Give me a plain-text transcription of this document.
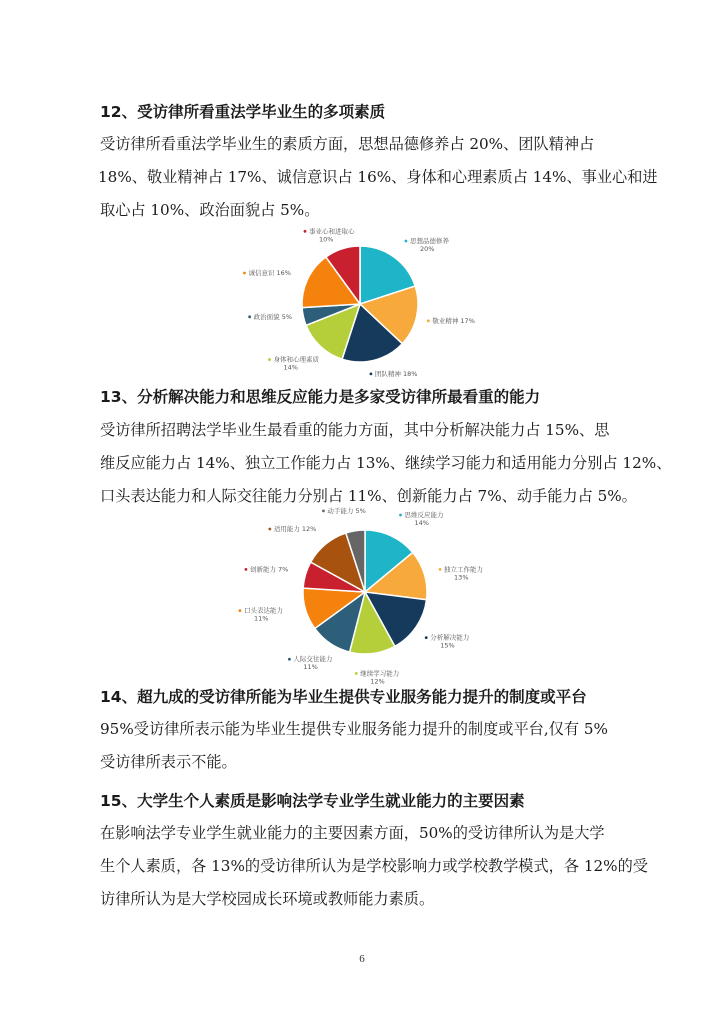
12、受访律所看重法学毕业生的多项素质
受访律所看重法学毕业生的素质方面，思想品德修养占 20%、团队精神占
18%、敬业精神占 17%、诚信意识占 16%、身体和心理素质占 14%、事业心和进
取心占 10%、政治面貌占 5%。
思想品德修养
20%
敬业精神 17%
团队精神 18%
身体和心理素质
14%
政治面貌 5%
诚信意识 16%
事业心和进取心
10%
13、分析解决能力和思维反应能力是多家受访律所最看重的能力
受访律所招聘法学毕业生最看重的能力方面，其中分析解决能力占 15%、思
维反应能力占 14%、独立工作能力占 13%、继续学习能力和适用能力分别占 12%、
口头表达能力和人际交往能力分别占 11%、创新能力占 7%、动手能力占 5%。
思维反应能力
14%
独立工作能力
13%
分析解决能力
15%
继续学习能力
12%
人际交往能力
11%
口头表达能力
11%
创新能力 7%
适用能力 12%
动手能力 5%
14、超九成的受访律所能为毕业生提供专业服务能力提升的制度或平台
95%受访律所表示能为毕业生提供专业服务能力提升的制度或平台,仅有 5%
受访律所表示不能。
15、大学生个人素质是影响法学专业学生就业能力的主要因素
在影响法学专业学生就业能力的主要因素方面，50%的受访律所认为是大学
生个人素质，各 13%的受访律所认为是学校影响力或学校教学模式，各 12%的受
访律所认为是大学校园成长环境或教师能力素质。
6
